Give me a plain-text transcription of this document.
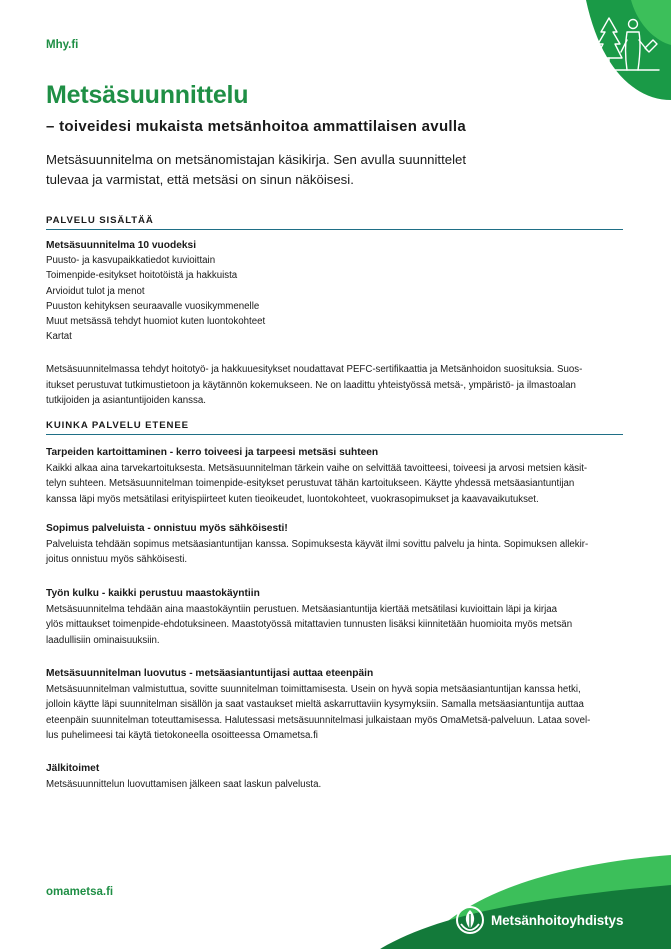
Mhy.fi
Metsäsuunnittelu
– toiveidesi mukaista metsänhoitoa ammattilaisen avulla
Metsäsuunnitelma on metsänomistajan käsikirja. Sen avulla suunnittelet
tulevaa ja varmistat, että metsäsi on sinun näköisesi.
PALVELU SISÄLTÄÄ
Metsäsuunnitelma 10 vuodeksi
Puusto- ja kasvupaikkatiedot kuvioittain
Toimenpide-esitykset hoitotöistä ja hakkuista
Arvioidut tulot ja menot
Puuston kehityksen seuraavalle vuosikymmenelle
Muut metsässä tehdyt huomiot kuten luontokohteet
Kartat
Metsäsuunnitelmassa tehdyt hoitotyö- ja hakkuuesitykset noudattavat PEFC-sertifikaattia ja Metsänhoidon suosituksia. Suos-
itukset perustuvat tutkimustietoon ja käytännön kokemukseen. Ne on laadittu yhteistyössä metsä-, ympäristö- ja ilmastoalan
tutkijoiden ja asiantuntijoiden kanssa.
KUINKA PALVELU ETENEE
Tarpeiden kartoittaminen - kerro toiveesi ja tarpeesi metsäsi suhteen
Kaikki alkaa aina tarvekartoituksesta. Metsäsuunnitelman tärkein vaihe on selvittää tavoitteesi, toiveesi ja arvosi metsien käsit-
telyn suhteen. Metsäsuunnitelman toimenpide-esitykset perustuvat tähän kartoitukseen. Käytte yhdessä metsäasiantuntijan
kanssa läpi myös metsätilasi erityispiirteet kuten tieoikeudet, luontokohteet, vuokrasopimukset ja kaavavaikutukset.
Sopimus palveluista - onnistuu myös sähköisesti!
Palveluista tehdään sopimus metsäasiantuntijan kanssa. Sopimuksesta käyvät ilmi sovittu palvelu ja hinta. Sopimuksen allekir-
joitus onnistuu myös sähköisesti.
Työn kulku - kaikki perustuu maastokäyntiin
Metsäsuunnitelma tehdään aina maastokäyntiin perustuen. Metsäasiantuntija kiertää metsätilasi kuvioittain läpi ja kirjaa
ylös mittaukset toimenpide-ehdotuksineen. Maastotyössä mitattavien tunnusten lisäksi kiinnitetään huomioita myös metsän
laadullisiin ominaisuuksiin.
Metsäsuunnitelman luovutus - metsäasiantuntijasi auttaa eteenpäin
Metsäsuunnitelman valmistuttua, sovitte suunnitelman toimittamisesta. Usein on hyvä sopia metsäasiantuntijan kanssa hetki,
jolloin käytte läpi suunnitelman sisällön ja saat vastaukset mieltä askarruttaviin kysymyksiin. Samalla metsäasiantuntija auttaa
eteenpäin suunnitelman toteuttamisessa. Halutessasi metsäsuunnitelmasi julkaistaan myös OmaMetsä-palveluun. Lataa sovel-
lus puhelimeesi tai käytä tietokoneella osoitteessa Omametsa.fi
Jälkitoimet
Metsäsuunnittelun luovuttamisen jälkeen saat laskun palvelusta.
omametsa.fi
Metsänhoitoyhdistys
